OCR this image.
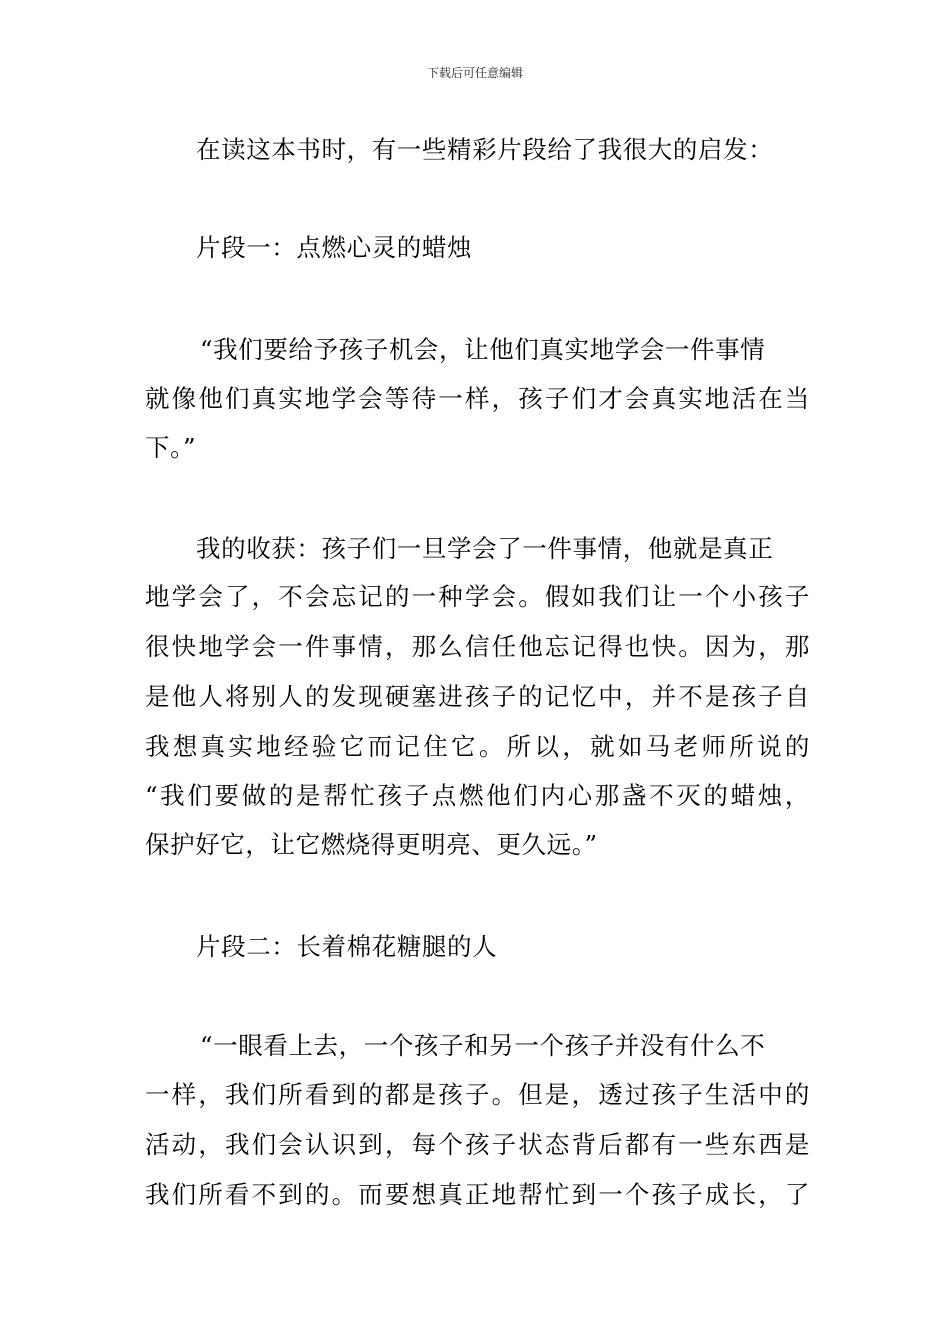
下载后可任意编辑
在读这本书时，有一些精彩片段给了我很大的启发：
片段一：点燃心灵的蜡烛
“我们要给予孩子机会，让他们真实地学会一件事情
就像他们真实地学会等待一样，孩子们才会真实地活在当
下。”
我的收获：孩子们一旦学会了一件事情，他就是真正
地学会了，不会忘记的一种学会。假如我们让一个小孩子
很快地学会一件事情，那么信任他忘记得也快。因为，那
是他人将别人的发现硬塞进孩子的记忆中，并不是孩子自
我想真实地经验它而记住它。所以，就如马老师所说的
“我们要做的是帮忙孩子点燃他们内心那盏不灭的蜡烛，
保护好它，让它燃烧得更明亮、更久远。”
片段二：长着棉花糖腿的人
“一眼看上去，一个孩子和另一个孩子并没有什么不
一样，我们所看到的都是孩子。但是，透过孩子生活中的
活动，我们会认识到，每个孩子状态背后都有一些东西是
我们所看不到的。而要想真正地帮忙到一个孩子成长，了
